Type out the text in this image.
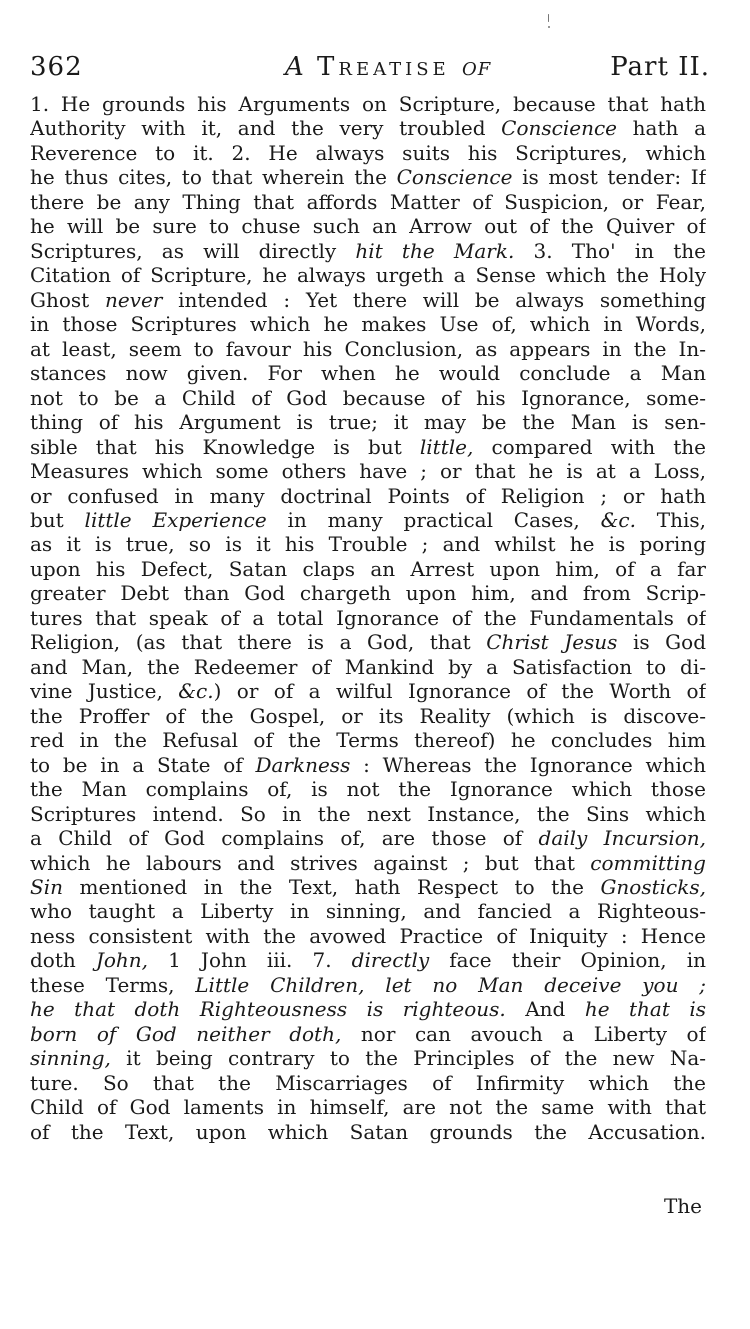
362	A Treatise of	Part II.
1. He grounds his Arguments on Scripture, because that hath
Authority with it, and the very troubled Conscience hath a
Reverence to it. 2. He always suits his Scriptures, which
he thus cites, to that wherein the Conscience is most tender: If
there be any Thing that affords Matter of Suspicion, or Fear,
he will be sure to chuse such an Arrow out of the Quiver of
Scriptures, as will directly hit the Mark. 3. Tho' in the
Citation of Scripture, he always urgeth a Sense which the Holy
Ghost never intended : Yet there will be always something
in those Scriptures which he makes Use of, which in Words,
at least, seem to favour his Conclusion, as appears in the In-
stances now given. For when he would conclude a Man
not to be a Child of God because of his Ignorance, some-
thing of his Argument is true; it may be the Man is sen-
sible that his Knowledge is but little, compared with the
Measures which some others have ; or that he is at a Loss,
or confused in many doctrinal Points of Religion ; or hath
but little Experience in many practical Cases, &c. This,
as it is true, so is it his Trouble ; and whilst he is poring
upon his Defect, Satan claps an Arrest upon him, of a far
greater Debt than God chargeth upon him, and from Scrip-
tures that speak of a total Ignorance of the Fundamentals of
Religion, (as that there is a God, that Christ Jesus is God
and Man, the Redeemer of Mankind by a Satisfaction to di-
vine Justice, &c.) or of a wilful Ignorance of the Worth of
the Proffer of the Gospel, or its Reality (which is discove-
red in the Refusal of the Terms thereof) he concludes him
to be in a State of Darkness : Whereas the Ignorance which
the Man complains of, is not the Ignorance which those
Scriptures intend. So in the next Instance, the Sins which
a Child of God complains of, are those of daily Incursion,
which he labours and strives against ; but that committing
Sin mentioned in the Text, hath Respect to the Gnosticks,
who taught a Liberty in sinning, and fancied a Righteous-
ness consistent with the avowed Practice of Iniquity : Hence
doth John, 1 John iii. 7. directly face their Opinion, in
these Terms, Little Children, let no Man deceive you ;
he that doth Righteousness is righteous. And he that is
born of God neither doth, nor can avouch a Liberty of
sinning, it being contrary to the Principles of the new Na-
ture. So that the Miscarriages of Infirmity which the
Child of God laments in himself, are not the same with that
of the Text, upon which Satan grounds the Accusation.
The
